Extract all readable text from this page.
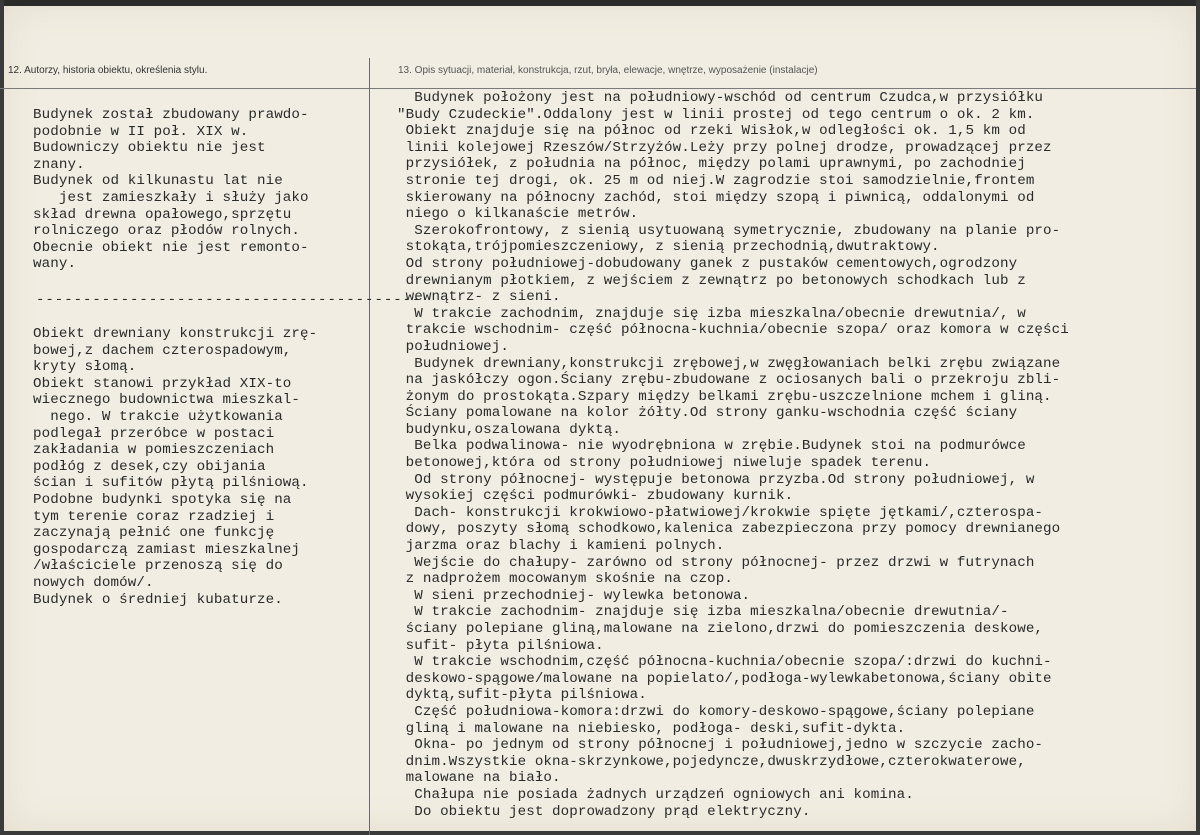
12. Autorzy, historia obiektu, określenia stylu.	13. Opis sytuacji, materiał, konstrukcja, rzut, bryła, elewacje, wnętrze, wyposażenie (instalacje)
Budynek został zbudowany prawdo-
podobnie w II poł. XIX w.
Budowniczy obiektu nie jest
znany.
Budynek od kilkunastu lat nie
jest zamieszkały i służy jako
skład drewna opałowego,sprzętu
rolniczego oraz płodów rolnych.
Obecnie obiekt nie jest remonto-
wany.
-----------------------------------------
Obiekt drewniany konstrukcji zrę-
bowej,z dachem czterospadowym,
kryty słomą.
Obiekt stanowi przykład XIX-to
wiecznego budownictwa mieszkal-
nego. W trakcie użytkowania
podlegał przeróbce w postaci
zakładania w pomieszczeniach
podłóg z desek,czy obijania
ścian i sufitów płytą pilśniową.
Podobne budynki spotyka się na
tym terenie coraz rzadziej i
zaczynają pełnić one funkcję
gospodarczą zamiast mieszkalnej
/właściciele przenoszą się do
nowych domów/.
Budynek o średniej kubaturze.
Budynek położony jest na południowy-wschód od centrum Czudca,w przysiółku
"Budy Czudeckie".Oddalony jest w linii prostej od tego centrum o ok. 2 km.
Obiekt znajduje się na północ od rzeki Wisłok,w odległości ok. 1,5 km od
linii kolejowej Rzeszów/Strzyżów.Leży przy polnej drodze, prowadzącej przez
przysiółek, z południa na północ, między polami uprawnymi, po zachodniej
stronie tej drogi, ok. 25 m od niej.W zagrodzie stoi samodzielnie,frontem
skierowany na północny zachód, stoi między szopą i piwnicą, oddalonymi od
niego o kilkanaście metrów.
Szerokofrontowy, z sienią usytuowaną symetrycznie, zbudowany na planie pro-
stokąta,trójpomieszczeniowy, z sienią przechodnią,dwutraktowy.
Od strony południowej-dobudowany ganek z pustaków cementowych,ogrodzony
drewnianym płotkiem, z wejściem z zewnątrz po betonowych schodkach lub z
wewnątrz- z sieni.
W trakcie zachodnim, znajduje się izba mieszkalna/obecnie drewutnia/, w
trakcie wschodnim- część północna-kuchnia/obecnie szopa/ oraz komora w części
południowej.
Budynek drewniany,konstrukcji zrębowej,w zwęgłowaniach belki zrębu związane
na jaskółczy ogon.Ściany zrębu-zbudowane z ociosanych bali o przekroju zbli-
żonym do prostokąta.Szpary między belkami zrębu-uszczelnione mchem i gliną.
Ściany pomalowane na kolor żółty.Od strony ganku-wschodnia część ściany
budynku,oszalowana dyktą.
Belka podwalinowa- nie wyodrębniona w zrębie.Budynek stoi na podmurówce
betonowej,która od strony południowej niweluje spadek terenu.
Od strony północnej- występuje betonowa przyzba.Od strony południowej, w
wysokiej części podmurówki- zbudowany kurnik.
Dach- konstrukcji krokwiowo-płatwiowej/krokwie spięte jętkami/,czterospa-
dowy, poszyty słomą schodkowo,kalenica zabezpieczona przy pomocy drewnianego
jarzma oraz blachy i kamieni polnych.
Wejście do chałupy- zarówno od strony północnej- przez drzwi w futrynach
z nadprożem mocowanym skośnie na czop.
W sieni przechodniej- wylewka betonowa.
W trakcie zachodnim- znajduje się izba mieszkalna/obecnie drewutnia/-
ściany polepiane gliną,malowane na zielono,drzwi do pomieszczenia deskowe,
sufit- płyta pilśniowa.
W trakcie wschodnim,część północna-kuchnia/obecnie szopa/:drzwi do kuchni-
deskowo-spągowe/malowane na popielato/,podłoga-wylewkabetonowa,ściany obite
dyktą,sufit-płyta pilśniowa.
Część południowa-komora:drzwi do komory-deskowo-spągowe,ściany polepiane
gliną i malowane na niebiesko, podłoga- deski,sufit-dykta.
Okna- po jednym od strony północnej i południowej,jedno w szczycie zacho-
dnim.Wszystkie okna-skrzynkowe,pojedyncze,dwuskrzydłowe,czterokwaterowe,
malowane na biało.
Chałupa nie posiada żadnych urządzeń ogniowych ani komina.
Do obiektu jest doprowadzony prąd elektryczny.
